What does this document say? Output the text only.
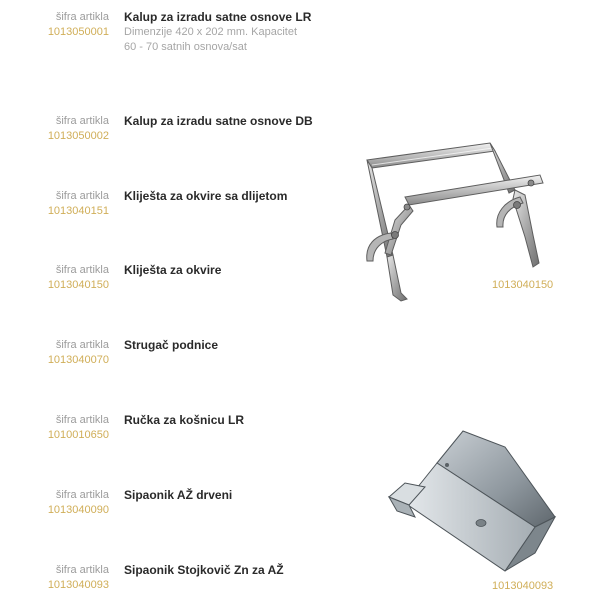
šifra artikla
1013050001
Kalup za izradu satne osnove LR
Dimenzije 420 x 202 mm. Kapacitet
60 - 70 satnih osnova/sat
šifra artikla
1013050002
Kalup za izradu satne osnove DB
šifra artikla
1013040151
Kliješta za okvire sa dlijetom
šifra artikla
1013040150
Kliješta za okvire
šifra artikla
1013040070
Strugač podnice
šifra artikla
1010010650
Ručka za košnicu LR
šifra artikla
1013040090
Sipaonik AŽ drveni
šifra artikla
1013040093
Sipaonik Stojkovič Zn za AŽ
1013040150
1013040093
